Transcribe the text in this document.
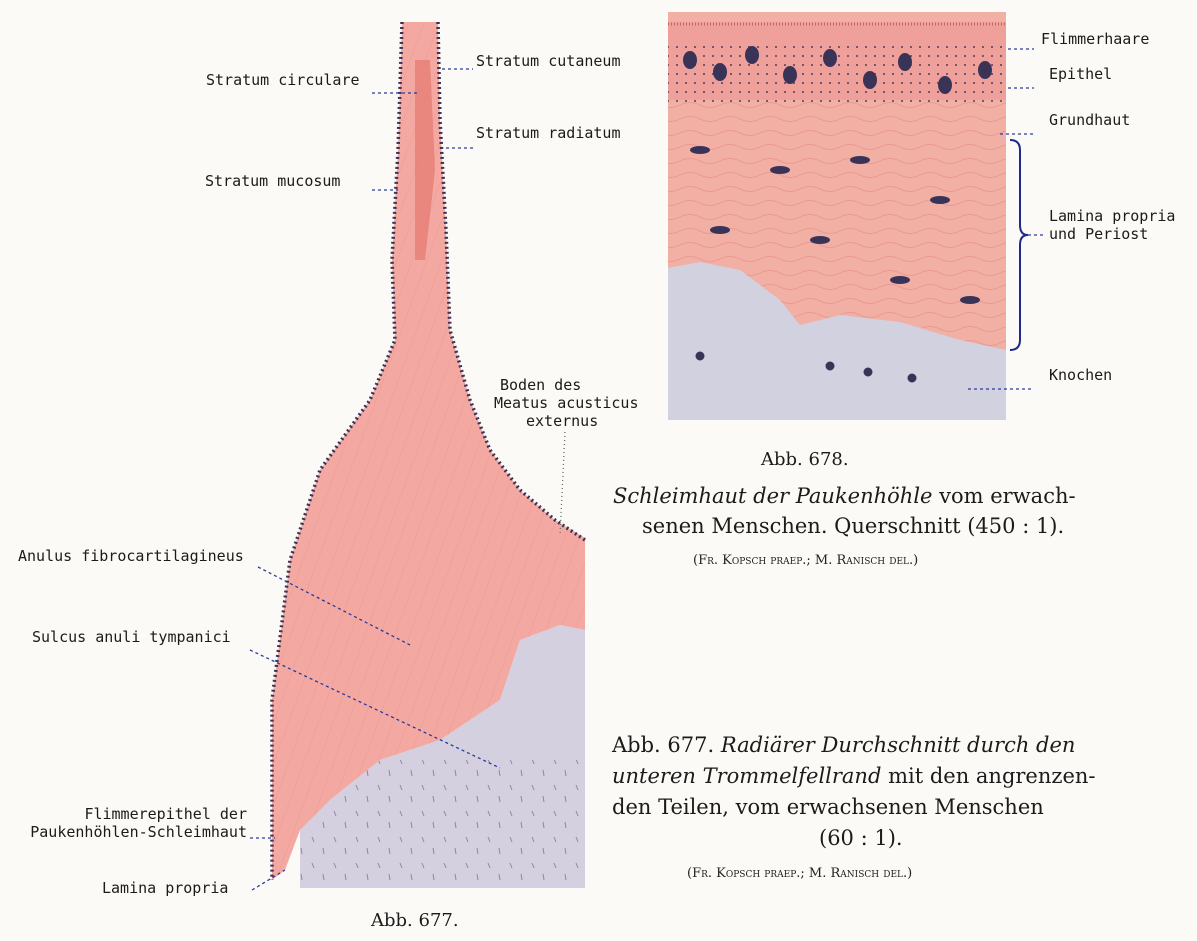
Stratum circulare
Stratum mucosum
Stratum cutaneum
Stratum radiatum
Boden des
Meatus acusticus
externus
Anulus fibrocartilagineus
Sulcus anuli tympanici
Flimmerepithel der
Paukenhöhlen-Schleimhaut
Lamina propria
Abb. 677.
Flimmerhaare
Epithel
Grundhaut
Lamina propria
und Periost
Knochen
Abb. 678.
Schleimhaut der Paukenhöhle vom erwach-
senen Menschen. Querschnitt (450 : 1).
(Fr. Kopsch praep.; M. Ranisch del.)
Abb. 677. Radiärer Durchschnitt durch den
unteren Trommelfellrand mit den angrenzen-
den Teilen, vom erwachsenen Menschen
(60 : 1).
(Fr. Kopsch praep.; M. Ranisch del.)
